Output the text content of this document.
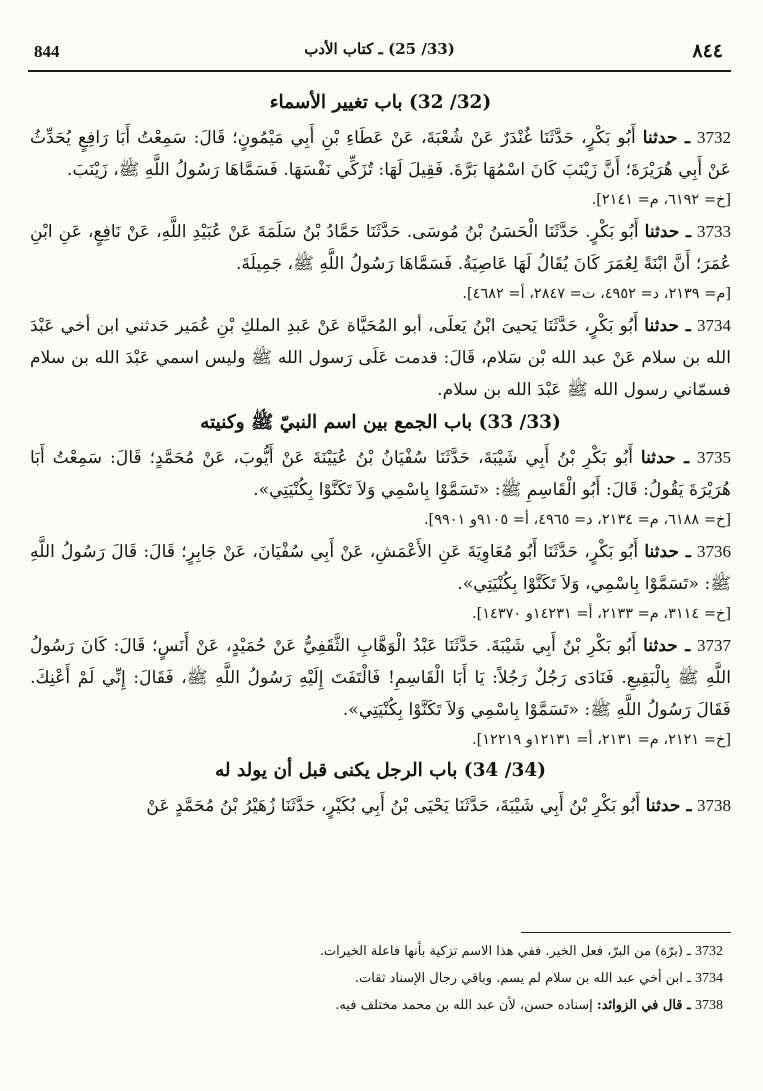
844	(33/ 25) ـ كتاب الأدب	٨٤٤
(32/ 32) باب تغيير الأسماء

3732 ـ حدثنا أَبُو بَكْرٍ، حَدَّثَنَا غُنْدَرٌ عَنْ شُعْبَةَ، عَنْ عَطَاءِ بْنِ أَبِي مَيْمُونٍ؛ قَالَ: سَمِعْتُ أَبَا رَافِعٍ يُحَدِّثُ عَنْ أَبِي هُرَيْرَةَ؛ أَنَّ زَيْنَبَ كَانَ اسْمُهَا بَرَّةَ. فَقِيلَ لَهَا: تُزَكِّي نَفْسَهَا. فَسَمَّاهَا رَسُولُ اللَّهِ ﷺ، زَيْنَبَ.

[خ= ٦١٩٢، م= ٢١٤١].

3733 ـ حدثنا أَبُو بَكْرٍ. حَدَّثَنَا الْحَسَنُ بْنُ مُوسَى. حَدَّثَنَا حَمَّادُ بْنُ سَلَمَةَ عَنْ عُبَيْدِ اللَّهِ، عَنْ نَافِعٍ، عَنِ ابْنِ عُمَرَ؛ أَنَّ ابْنَةً لِعُمَرَ كَانَ يُقَالُ لَهَا عَاصِيَةُ. فَسَمَّاهَا رَسُولُ اللَّهِ ﷺ، جَمِيلَةَ.

[م= ٢١٣٩، د= ٤٩٥٢، ت= ٢٨٤٧، أ= ٤٦٨٢].

3734 ـ حدثنا أَبُو بَكْرٍ، حَدَّثَنَا يَحيىَ ابْنُ يَعلَى، أبو المُحَيَّاة عَنْ عَبدِ الملكِ بْنِ عُمَير حَدثني ابن أخي عَبْدَ الله بن سلام عَنْ عبد الله بْن سَلام، قَالَ: قدمت عَلَى رَسول الله ﷺ وليس اسمي عَبْدَ الله بن سلام فسمّاني رسول الله ﷺ عَبْدَ الله بن سلام.

(33/ 33) باب الجمع بين اسم النبيّ ﷺ وكنيته

3735 ـ حدثنا أَبُو بَكْرِ بْنُ أَبِي شَيْبَةَ، حَدَّثَنَا سُفْيَانُ بْنُ عُيَيْنَةَ عَنْ أَيُّوبَ، عَنْ مُحَمَّدٍ؛ قَالَ: سَمِعْتُ أَبَا هُرَيْرَةَ يَقُولُ: قَالَ: أَبُو الْقَاسِمِ ﷺ: «تَسَمَّوْا بِاسْمِي وَلاَ تَكَنَّوْا بِكُنْيَتِي».

[خ= ٦١٨٨، م= ٢١٣٤، د= ٤٩٦٥، أ= ٩١٠٥و ٩٩٠١].

3736 ـ حدثنا أَبُو بَكْرٍ، حَدَّثَنَا أَبُو مُعَاوِيَةَ عَنِ الأَعْمَشِ، عَنْ أَبِي سُفْيَانَ، عَنْ جَابِرٍ؛ قَالَ: قَالَ رَسُولُ اللَّهِ ﷺ: «تَسَمَّوْا بِاسْمِي، وَلاَ تَكَنَّوْا بِكُنْيَتِي».

[خ= ٣١١٤، م= ٢١٣٣، أ= ١٤٢٣١و ١٤٣٧٠].

3737 ـ حدثنا أَبُو بَكْرِ بْنُ أَبِي شَيْبَةَ. حَدَّثَنَا عَبْدُ الْوَهَّابِ الثَّقَفِيُّ عَنْ حُمَيْدٍ، عَنْ أَنَسٍ؛ قَالَ: كَانَ رَسُولُ اللَّهِ ﷺ بِالْبَقِيعِ. فَنَادَى رَجُلٌ رَجُلاً: يَا أَبَا الْقَاسِمِ! فَالْتَفَتَ إِلَيْهِ رَسُولُ اللَّهِ ﷺ، فَقَالَ: إِنِّي لَمْ أَعْنِكَ. فَقَالَ رَسُولُ اللَّهِ ﷺ: «تَسَمَّوْا بِاسْمِي وَلاَ تَكَنَّوْا بِكُنْيَتِي».

[خ= ٢١٢١، م= ٢١٣١، أ= ١٢١٣١و ١٢٢١٩].

(34/ 34) باب الرجل يكنى قبل أن يولد له

3738 ـ حدثنا أَبُو بَكْرِ بْنُ أَبِي شَيْبَةَ، حَدَّثَنَا يَحْيَى بْنُ أَبِي بُكَيْرٍ، حَدَّثَنَا زُهَيْرُ بْنُ مُحَمَّدٍ عَنْ

3732 ـ (برّة) من البرّ، فعل الخير. ففي هذا الاسم تزكية بأنها فاعلة الخيرات.

3734 ـ ابن أخي عبد الله بن سلام لم يسم. وباقي رجال الإسناد ثقات.

3738 ـ قال في الزوائد: إسناده حسن، لأن عبد الله بن محمد مختلف فيه.
